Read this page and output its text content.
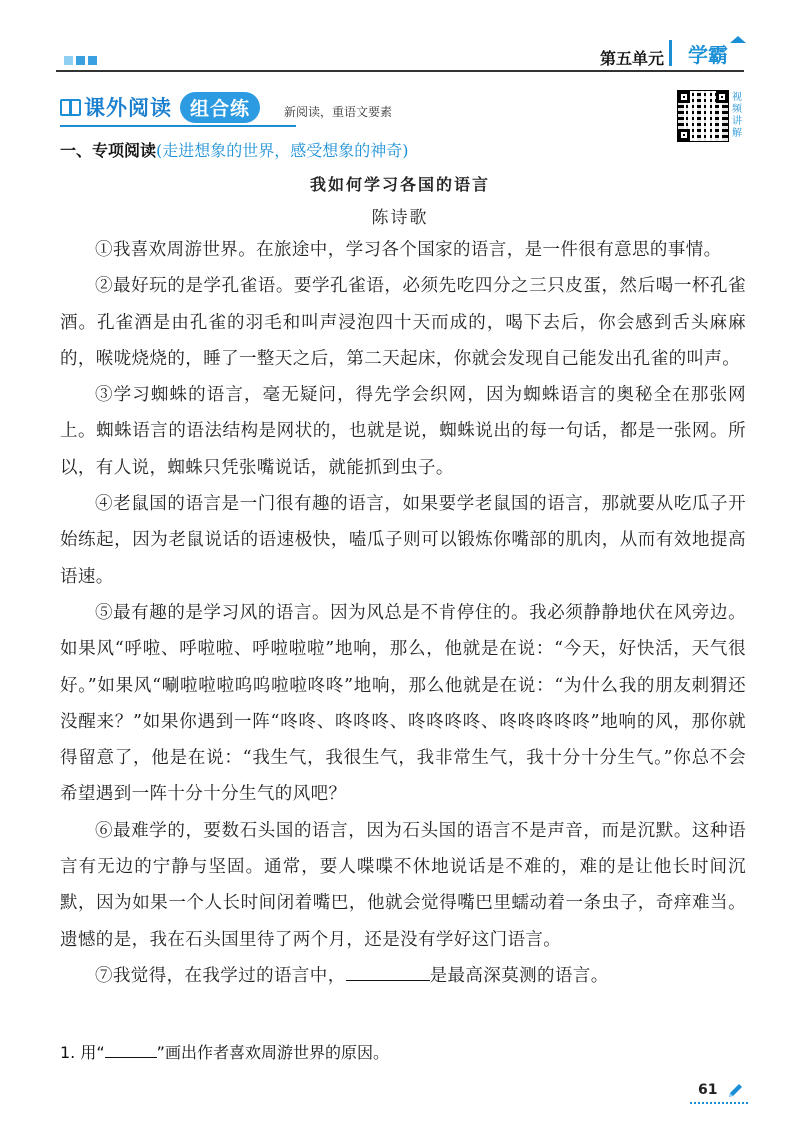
第五单元 学霸
课外阅读 组合练	新阅读，重语文要素
视频讲解
一、专项阅读(走进想象的世界，感受想象的神奇)
我如何学习各国的语言
陈诗歌

①我喜欢周游世界。在旅途中，学习各个国家的语言，是一件很有意思的事情。

②最好玩的是学孔雀语。要学孔雀语，必须先吃四分之三只皮蛋，然后喝一杯孔雀酒。孔雀酒是由孔雀的羽毛和叫声浸泡四十天而成的，喝下去后，你会感到舌头麻麻的，喉咙烧烧的，睡了一整天之后，第二天起床，你就会发现自己能发出孔雀的叫声。

③学习蜘蛛的语言，毫无疑问，得先学会织网，因为蜘蛛语言的奥秘全在那张网上。蜘蛛语言的语法结构是网状的，也就是说，蜘蛛说出的每一句话，都是一张网。所以，有人说，蜘蛛只凭张嘴说话，就能抓到虫子。

④老鼠国的语言是一门很有趣的语言，如果要学老鼠国的语言，那就要从吃瓜子开始练起，因为老鼠说话的语速极快，嗑瓜子则可以锻炼你嘴部的肌肉，从而有效地提高语速。

⑤最有趣的是学习风的语言。因为风总是不肯停住的。我必须静静地伏在风旁边。如果风“呼啦、呼啦啦、呼啦啦啦”地响，那么，他就是在说：“今天，好快活，天气很好。”如果风“唰啦啦啦呜呜啦啦咚咚”地响，那么他就是在说：“为什么我的朋友刺猬还没醒来？”如果你遇到一阵“咚咚、咚咚咚、咚咚咚咚、咚咚咚咚咚”地响的风，那你就得留意了，他是在说：“我生气，我很生气，我非常生气，我十分十分生气。”你总不会希望遇到一阵十分十分生气的风吧？

⑥最难学的，要数石头国的语言，因为石头国的语言不是声音，而是沉默。这种语言有无边的宁静与坚固。通常，要人喋喋不休地说话是不难的，难的是让他长时间沉默，因为如果一个人长时间闭着嘴巴，他就会觉得嘴巴里蠕动着一条虫子，奇痒难当。遗憾的是，我在石头国里待了两个月，还是没有学好这门语言。

⑦我觉得，在我学过的语言中，	是最高深莫测的语言。

1. 用“	”画出作者喜欢周游世界的原因。
61
